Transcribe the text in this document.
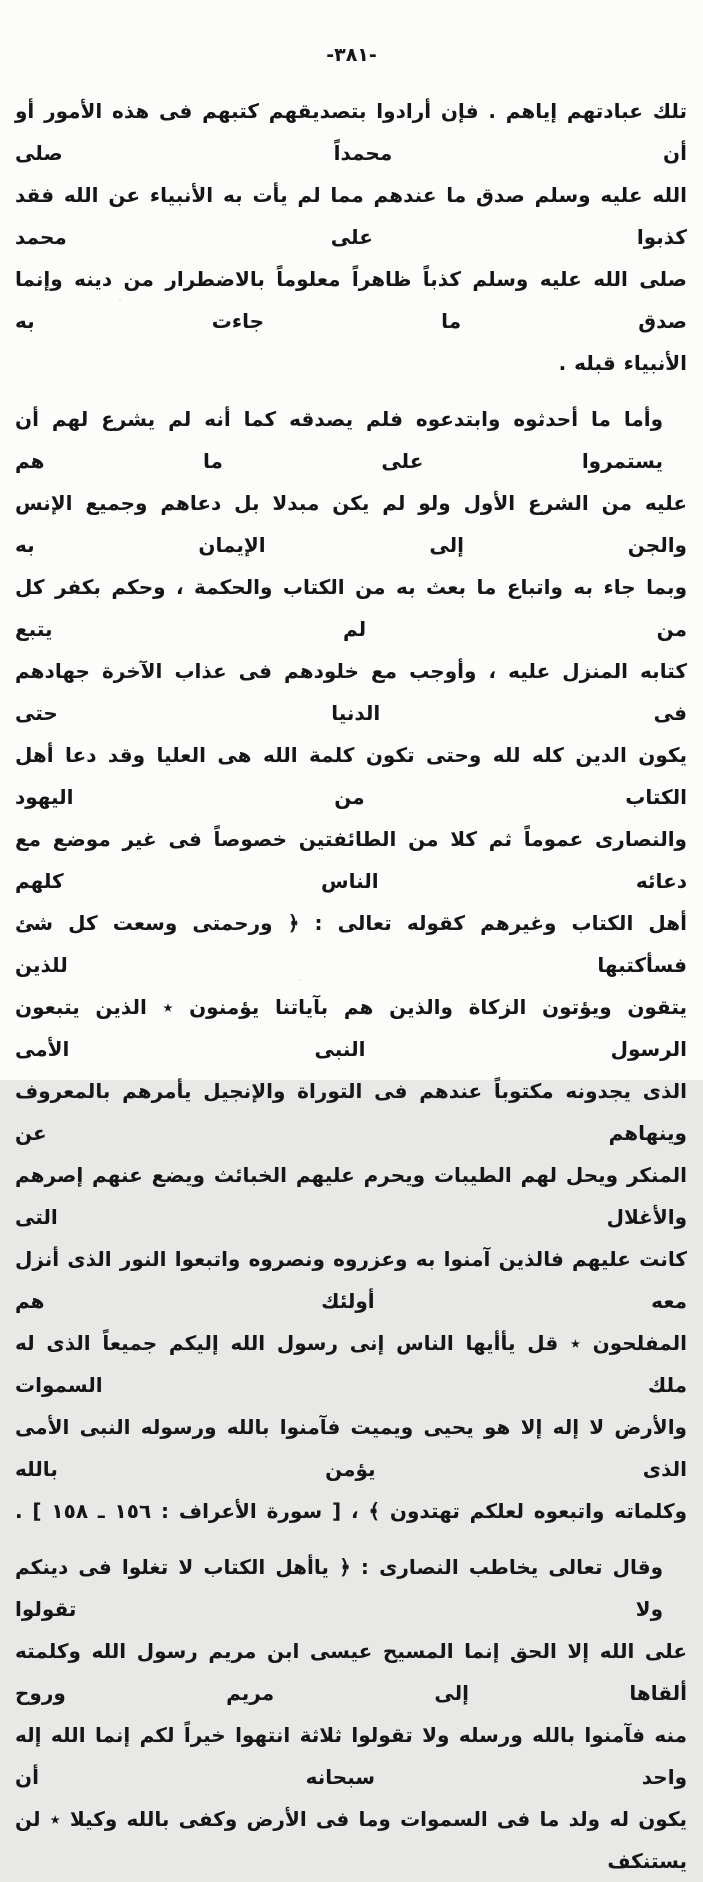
-٣٨١-
تلك عبادتهم إياهم . فإن أرادوا بتصديقهم كتبهم فى هذه الأمور أو أن محمداً صلى
الله عليه وسلم صدق ما عندهم مما لم يأت به الأنبياء عن الله فقد كذبوا على محمد
صلى الله عليه وسلم كذباً ظاهراً معلوماً بالاضطرار من دينه وإنما صدق ما جاءت به
الأنبياء قبله .
وأما ما أحدثوه وابتدعوه فلم يصدقه كما أنه لم يشرع لهم أن يستمروا على ما هم
عليه من الشرع الأول ولو لم يكن مبدلا بل دعاهم وجميع الإنس والجن إلى الإيمان به
وبما جاء به واتباع ما بعث به من الكتاب والحكمة ، وحكم بكفر كل من لم يتبع
كتابه المنزل عليه ، وأوجب مع خلودهم فى عذاب الآخرة جهادهم فى الدنيا حتى
يكون الدين كله لله وحتى تكون كلمة الله هى العليا وقد دعا أهل الكتاب من اليهود
والنصارى عموماً ثم كلا من الطائفتين خصوصاً فى غير موضع مع دعائه الناس كلهم
أهل الكتاب وغيرهم كقوله تعالى : ﴿ ورحمتى وسعت كل شئ فسأكتبها للذين
يتقون ويؤتون الزكاة والذين هم بآياتنا يؤمنون ٭ الذين يتبعون الرسول النبى الأمى
الذى يجدونه مكتوباً عندهم فى التوراة والإنجيل يأمرهم بالمعروف وينهاهم عن
المنكر ويحل لهم الطيبات ويحرم عليهم الخبائث ويضع عنهم إصرهم والأغلال التى
كانت عليهم فالذين آمنوا به وعزروه ونصروه واتبعوا النور الذى أنزل معه أولئك هم
المفلحون ٭ قل يأأيها الناس إنى رسول الله إليكم جميعاً الذى له ملك السموات
والأرض لا إله إلا هو يحيى ويميت فآمنوا بالله ورسوله النبى الأمى الذى يؤمن بالله
وكلماته واتبعوه لعلكم تهتدون ﴾ ، [ سورة الأعراف : ١٥٦ ـ ١٥٨ ] .
وقال تعالى يخاطب النصارى : ﴿ ياأهل الكتاب لا تغلوا فى دينكم ولا تقولوا
على الله إلا الحق إنما المسيح عيسى ابن مريم رسول الله وكلمته ألقاها إلى مريم وروح
منه فآمنوا بالله ورسله ولا تقولوا ثلاثة انتهوا خيراً لكم إنما الله إله واحد سبحانه أن
يكون له ولد ما فى السموات وما فى الأرض وكفى بالله وكيلا ٭ لن يستنكف
